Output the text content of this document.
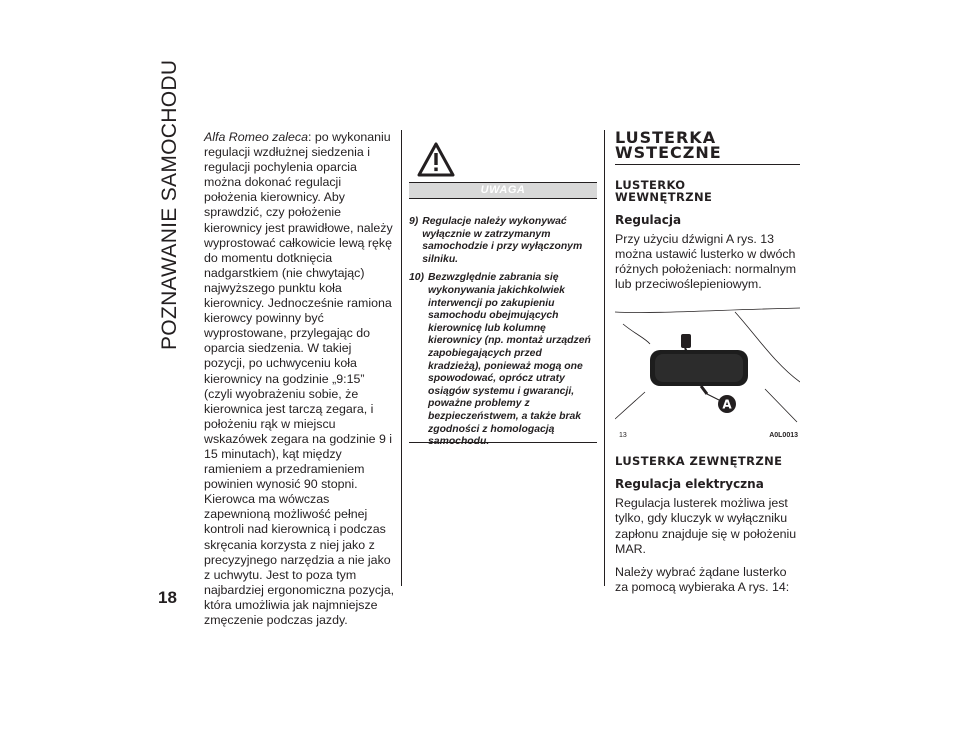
POZNAWANIE SAMOCHODU
18
Alfa Romeo zaleca: po wykonaniu regulacji wzdłużnej siedzenia i regulacji pochylenia oparcia można dokonać regulacji położenia kierownicy. Aby sprawdzić, czy położenie kierownicy jest prawidłowe, należy wyprostować całkowicie lewą rękę do momentu dotknięcia nadgarstkiem (nie chwytając) najwyższego punktu koła kierownicy. Jednocześnie ramiona kierowcy powinny być wyprostowane, przylegając do oparcia siedzenia. W takiej pozycji, po uchwyceniu koła kierownicy na godzinie „9:15” (czyli wyobrażeniu sobie, że kierownica jest tarczą zegara, i położeniu rąk w miejscu wskazówek zegara na godzinie 9 i 15 minutach), kąt między ramieniem a przedramieniem powinien wynosić 90 stopni. Kierowca ma wówczas zapewnioną możliwość pełnej kontroli nad kierownicą i podczas skręcania korzysta z niej jako z precyzyjnego narzędzia a nie jako z uchwytu. Jest to poza tym najbardziej ergonomiczna pozycja, która umożliwia jak najmniejsze zmęczenie podczas jazdy.
UWAGA
9) Regulacje należy wykonywać wyłącznie w zatrzymanym samochodzie i przy wyłączonym silniku.
10) Bezwzględnie zabrania się wykonywania jakichkolwiek interwencji po zakupieniu samochodu obejmujących kierownicę lub kolumnę kierownicy (np. montaż urządzeń zapobiegających przed kradzieżą), ponieważ mogą one spowodować, oprócz utraty osiągów systemu i gwarancji, poważne problemy z bezpieczeństwem, a także brak zgodności z homologacją
LUSTERKA WSTECZNE
LUSTERKO WEWNĘTRZNE
Regulacja

Przy użyciu dźwigni A rys. 13 można ustawić lusterko w dwóch różnych położeniach: normalnym lub przeciwoślepieniowym.

A
13	A0L0013
LUSTERKA ZEWNĘTRZNE
Regulacja elektryczna

Regulacja lusterek możliwa jest tylko, gdy kluczyk w wyłączniku zapłonu znajduje się w położeniu MAR.

Należy wybrać żądane lusterko za pomocą wybieraka A rys. 14:
